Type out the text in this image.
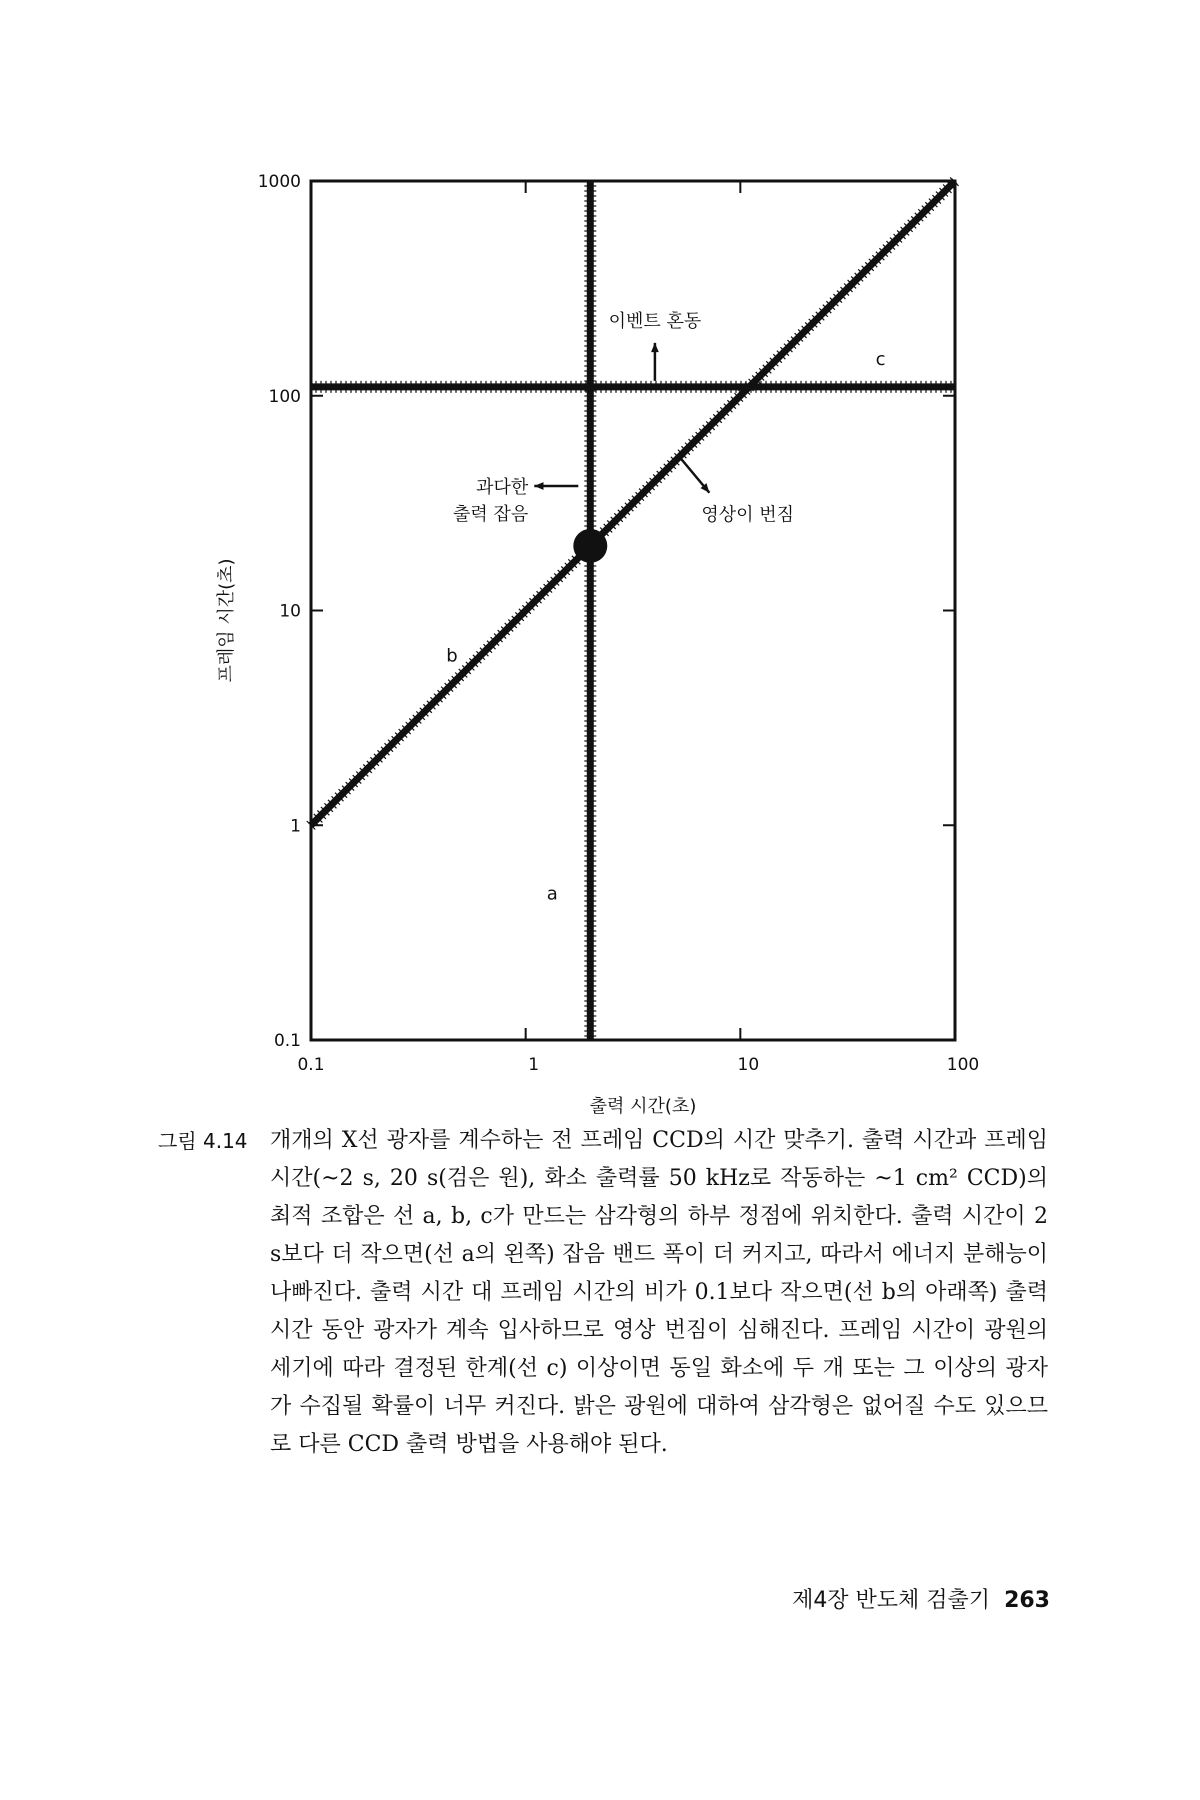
0.1	1	10	100
0.1
1
10
100
1000
출력 시간(초)
프레임 시간(초)
a
b
c
이벤트 혼동
과다한
출력 잡음	영상이 번짐
그림 4.14	개개의 X선 광자를 계수하는 전 프레임 CCD의 시간 맞추기. 출력 시간과 프레임 시간(~2 s, 20 s(검은 원), 화소 출력률 50 kHz로 작동하는 ~1 cm² CCD)의 최적 조합은 선 a, b, c가 만드는 삼각형의 하부 정점에 위치한다. 출력 시간이 2 s보다 더 작으면(선 a의 왼쪽) 잡음 밴드 폭이 더 커지고, 따라서 에너지 분해능이 나빠진다. 출력 시간 대 프레임 시간의 비가 0.1보다 작으면(선 b의 아래쪽) 출력 시간 동안 광자가 계속 입사하므로 영상 번짐이 심해진다. 프레임 시간이 광원의 세기에 따라 결정된 한계(선 c) 이상이면 동일 화소에 두 개 또는 그 이상의 광자가 수집될 확률이 너무 커진다. 밝은 광원에 대하여 삼각형은 없어질 수도 있으므로 다른 CCD 출력 방법을 사용해야 된다.
제4장 반도체 검출기 263
